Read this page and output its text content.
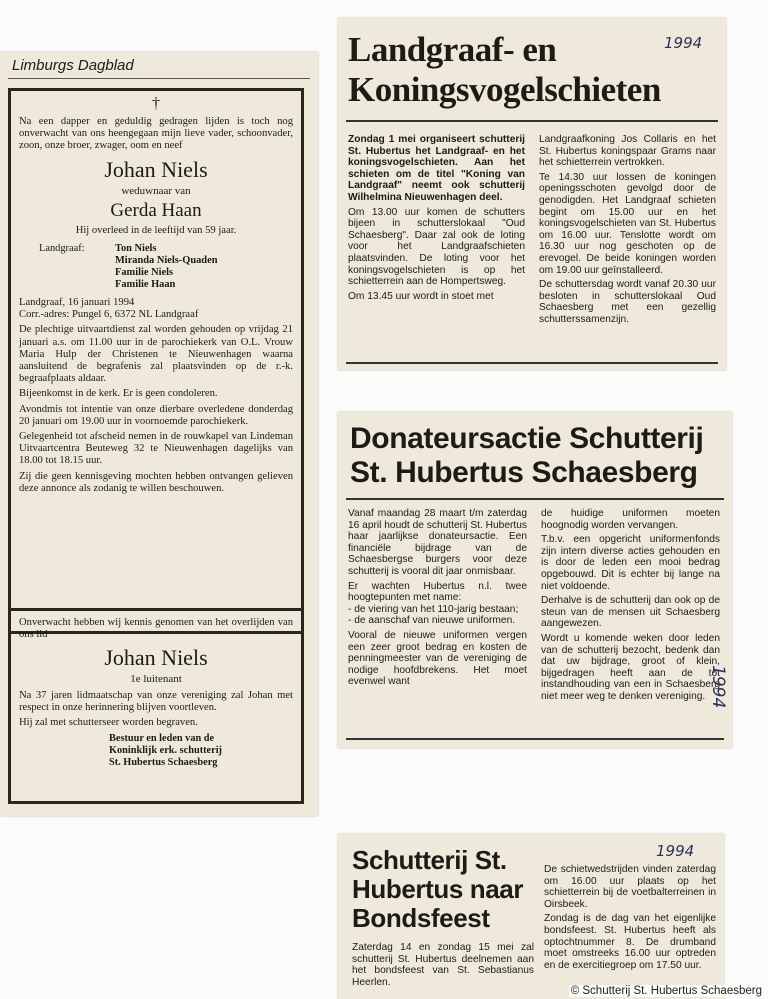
Limburgs Dagblad
†

Na een dapper en geduldig gedragen lijden is toch nog onverwacht van ons heengegaan mijn lieve vader, schoonvader, zoon, onze broer, zwager, oom en neef

Johan Niels
weduwnaar van
Gerda Haan
Hij overleed in de leeftijd van 59 jaar.
Landgraaf:	Ton Niels
Miranda Niels-Quaden
Familie Niels
Familie Haan
Landgraaf, 16 januari 1994

Corr.-adres: Pungel 6, 6372 NL Landgraaf

De plechtige uitvaartdienst zal worden gehouden op vrijdag 21 januari a.s. om 11.00 uur in de parochiekerk van O.L. Vrouw Maria Hulp der Christenen te Nieuwenhagen waarna aansluitend de begrafenis zal plaatsvinden op de r.-k. begraafplaats aldaar.

Bijeenkomst in de kerk. Er is geen condoleren.

Avondmis tot intentie van onze dierbare overledene donderdag 20 januari om 19.00 uur in voornoemde parochiekerk.

Gelegenheid tot afscheid nemen in de rouwkapel van Lindeman Uitvaartcentra Beuteweg 32 te Nieuwenhagen dagelijks van 18.00 tot 18.15 uur.

Zij die geen kennisgeving mochten hebben ontvangen gelieven deze annonce als zodanig te willen beschouwen.

Onverwacht hebben wij kennis genomen van het overlijden van ons lid

Johan Niels
1e luitenant

Na 37 jaren lidmaatschap van onze vereniging zal Johan met respect in onze herinnering blijven voortleven.

Hij zal met schutterseer worden begraven.

Bestuur en leden van de
Koninklijk erk. schutterij
St. Hubertus Schaesberg
Landgraaf- en Koningsvogelschieten

Zondag 1 mei organiseert schutterij St. Hubertus het Landgraaf- en het koningsvogelschieten. Aan het schieten om de titel "Koning van Landgraaf" neemt ook schutterij Wilhelmina Nieuwenhagen deel.

Om 13.00 uur komen de schutters bijeen in schutterslokaal "Oud Schaesberg". Daar zal ook de loting voor het Landgraafschieten plaatsvinden. De loting voor het koningsvogelschieten is op het schietterrein aan de Hompertsweg.

Om 13.45 uur wordt in stoet met

Landgraafkoning Jos Collaris en het St. Hubertus koningspaar Grams naar het schietterrein vertrokken.

Te 14.30 uur lossen de koningen openingsschoten gevolgd door de genodigden. Het Landgraaf schieten begint om 15.00 uur en het koningsvogelschieten van St. Hubertus om 16.00 uur. Tenslotte wordt om 16.30 uur nog geschoten op de erevogel. De beide koningen worden om 19.00 uur geïnstalleerd.

De schuttersdag wordt vanaf 20.30 uur besloten in schutterslokaal Oud Schaesberg met een gezellig schutterssamenzijn.

Donateursactie Schutterij
St. Hubertus Schaesberg

Vanaf maandag 28 maart t/m zaterdag 16 april houdt de schutterij St. Hubertus haar jaarlijkse donateursactie. Een financiële bijdrage van de Schaesbergse burgers voor deze schutterij is vooral dit jaar onmisbaar.

Er wachten Hubertus n.l. twee hoogtepunten met name:

- de viering van het 110-jarig bestaan;

- de aanschaf van nieuwe uniformen.

Vooral de nieuwe uniformen vergen een zeer groot bedrag en kosten de penningmeester van de vereniging de nodige hoofdbrekens. Het moet evenwel want

de huidige uniformen moeten hoognodig worden vervangen.

T.b.v. een opgericht uniformenfonds zijn intern diverse acties gehouden en is door de leden een mooi bedrag opgebouwd. Dit is echter bij lange na niet voldoende.

Derhalve is de schutterij dan ook op de steun van de mensen uit Schaesberg aangewezen.

Wordt u komende weken door leden van de schutterij bezocht, bedenk dan dat uw bijdrage, groot of klein, bijgedragen heeft aan de tot instandhouding van een in Schaesberg niet meer weg te denken vereniging.

Schutterij St. Hubertus naar Bondsfeest

Zaterdag 14 en zondag 15 mei zal schutterij St. Hubertus deelnemen aan het bondsfeest van St. Sebastianus Heerlen.

De schietwedstrijden vinden zaterdag om 16.00 uur plaats op het schietterrein bij de voetbalterreinen in Oirsbeek.

Zondag is de dag van het eigenlijke bondsfeest. St. Hubertus heeft als optochtnummer 8. De drumband moet omstreeks 16.00 uur optreden en de exercitiegroep om 17.50 uur.

1994
1994
1994
© Schutterij St. Hubertus Schaesberg
